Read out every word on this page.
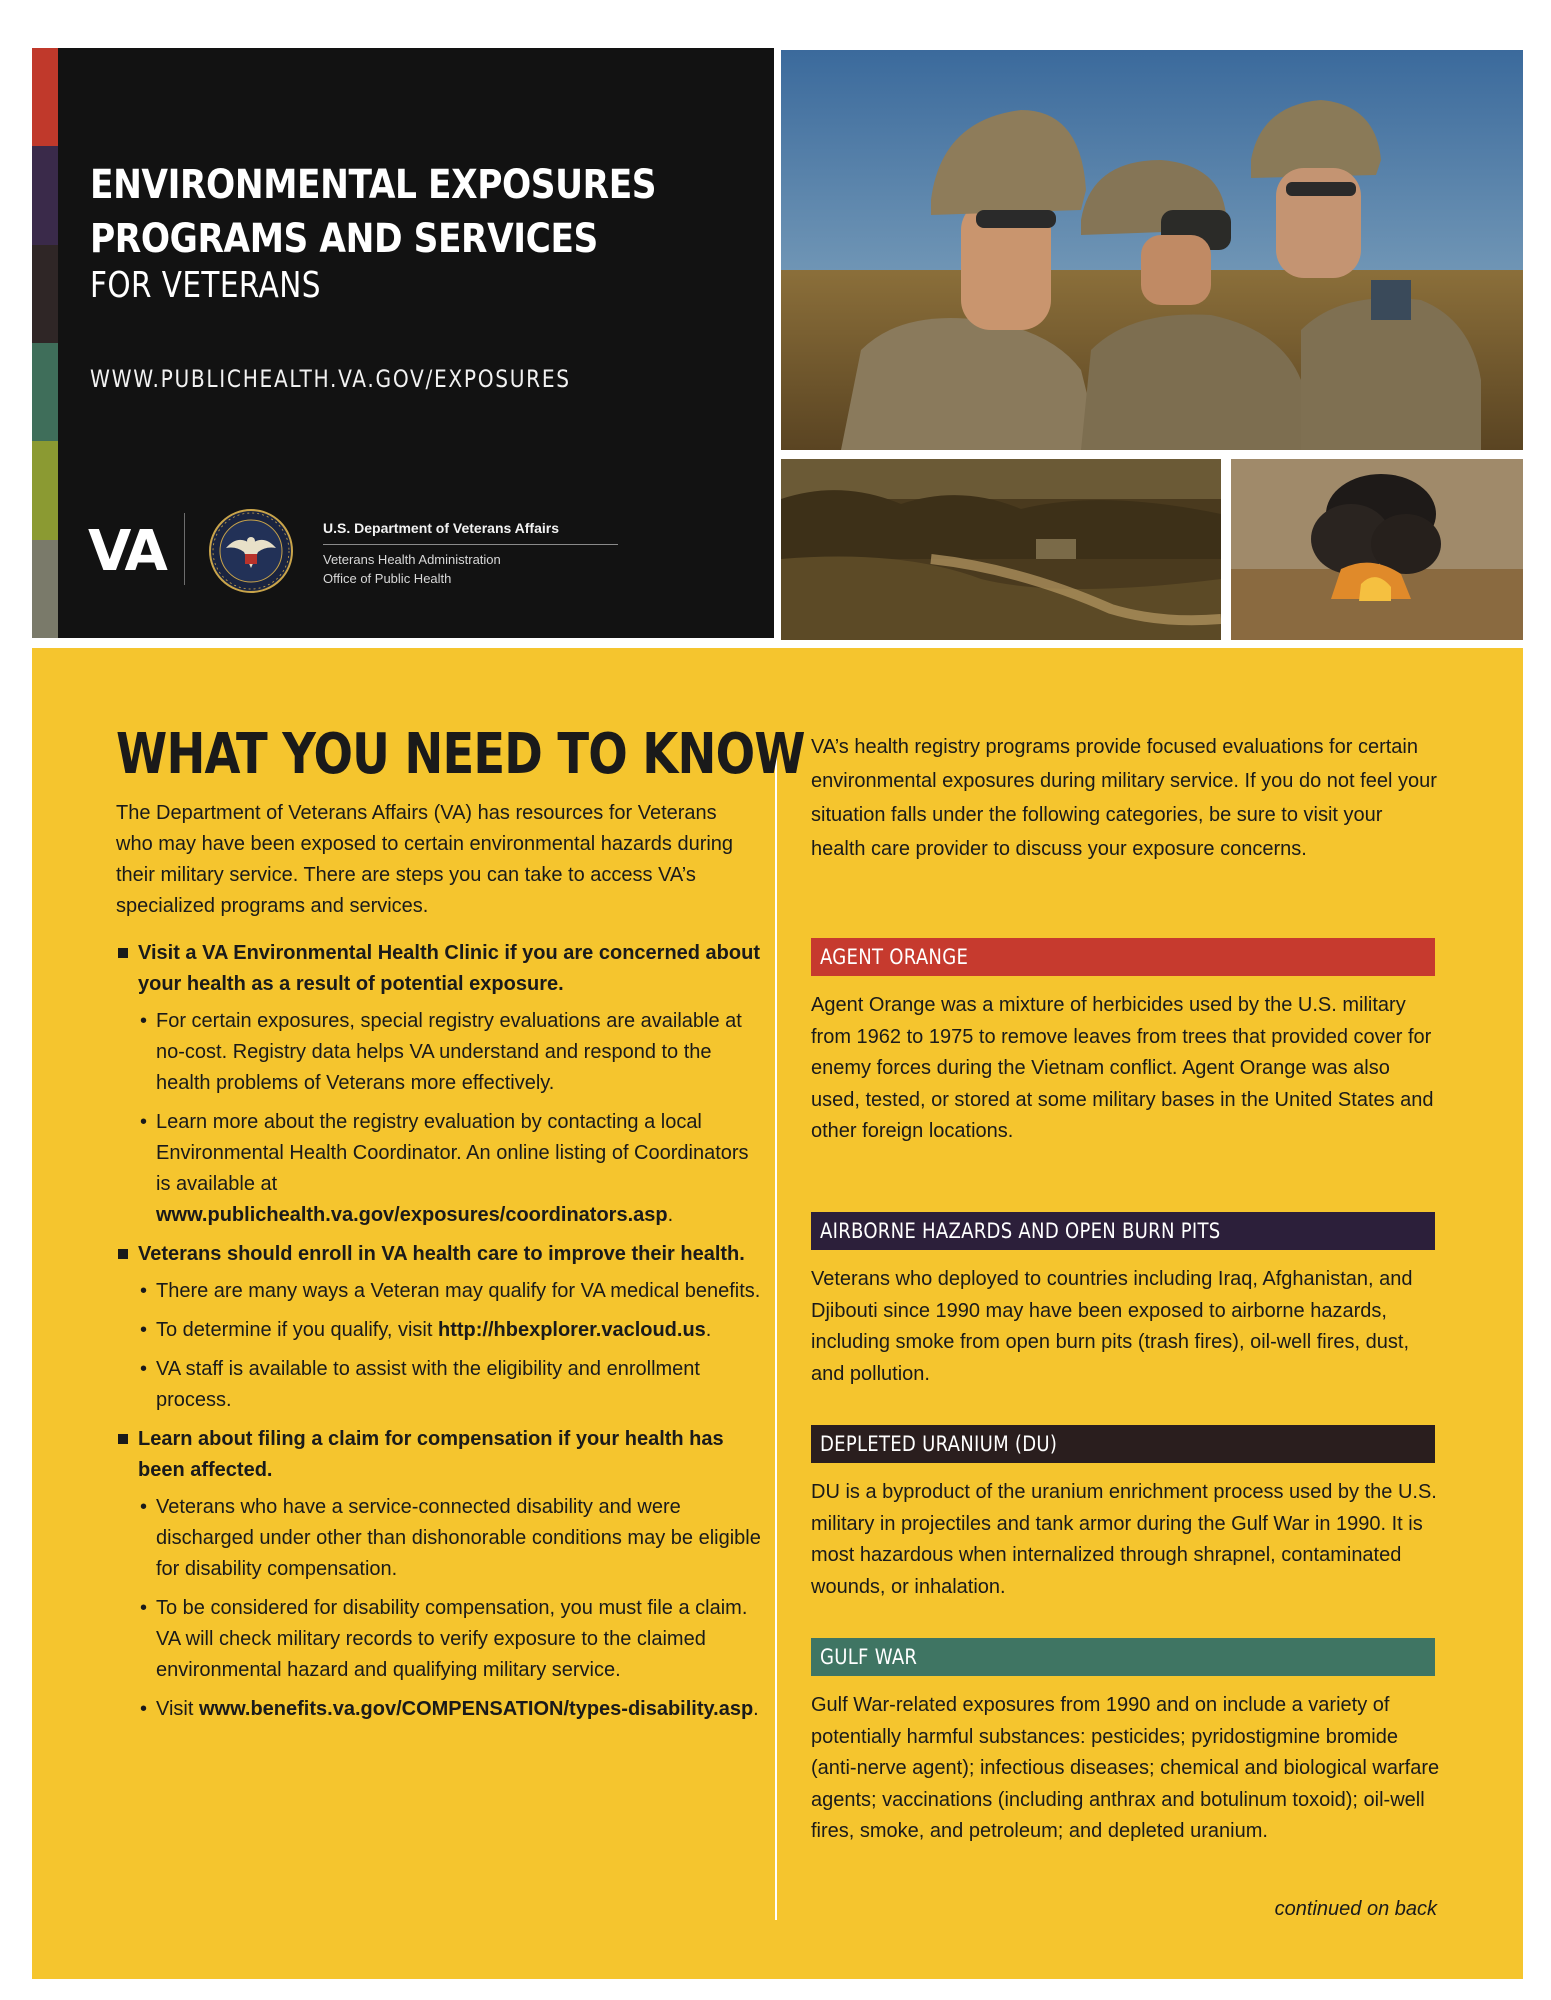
ENVIRONMENTAL EXPOSURES
PROGRAMS AND SERVICES
FOR VETERANS
WWW.PUBLICHEALTH.VA.GOV/EXPOSURES
VA	U.S. Department of Veterans Affairs
Veterans Health Administration
Office of Public Health
WHAT YOU NEED TO KNOW

The Department of Veterans Affairs (VA) has resources for Veterans who may have been exposed to certain environmental hazards during their military service. There are steps you can take to access VA’s specialized programs and services.

Visit a VA Environmental Health Clinic if you are concerned about your health as a result of potential exposure.
• For certain exposures, special registry evaluations are available at no-cost. Registry data helps VA understand and respond to the health problems of Veterans more effectively.
• Learn more about the registry evaluation by contacting a local Environmental Health Coordinator. An online listing of Coordinators is available at www.publichealth.va.gov/exposures/coordinators.asp.
Veterans should enroll in VA health care to improve their health.
• There are many ways a Veteran may qualify for VA medical benefits.
• To determine if you qualify, visit http://hbexplorer.vacloud.us.
• VA staff is available to assist with the eligibility and enrollment process.
Learn about filing a claim for compensation if your health has been affected.
• Veterans who have a service-connected disability and were discharged under other than dishonorable conditions may be eligible for disability compensation.
• To be considered for disability compensation, you must file a claim. VA will check military records to verify exposure to the claimed environmental hazard and qualifying military service.
• Visit www.benefits.va.gov/COMPENSATION/types-disability.asp.

VA’s health registry programs provide focused evaluations for certain environmental exposures during military service. If you do not feel your situation falls under the following categories, be sure to visit your health care provider to discuss your exposure concerns.

AGENT ORANGE

Agent Orange was a mixture of herbicides used by the U.S. military from 1962 to 1975 to remove leaves from trees that provided cover for enemy forces during the Vietnam conflict. Agent Orange was also used, tested, or stored at some military bases in the United States and other foreign locations.

AIRBORNE HAZARDS AND OPEN BURN PITS

Veterans who deployed to countries including Iraq, Afghanistan, and Djibouti since 1990 may have been exposed to airborne hazards, including smoke from open burn pits (trash fires), oil-well fires, dust, and pollution.

DEPLETED URANIUM (DU)

DU is a byproduct of the uranium enrichment process used by the U.S. military in projectiles and tank armor during the Gulf War in 1990. It is most hazardous when internalized through shrapnel, contaminated wounds, or inhalation.

GULF WAR

Gulf War-related exposures from 1990 and on include a variety of potentially harmful substances: pesticides; pyridostigmine bromide (anti-nerve agent); infectious diseases; chemical and biological warfare agents; vaccinations (including anthrax and botulinum toxoid); oil-well fires, smoke, and petroleum; and depleted uranium.

continued on back
